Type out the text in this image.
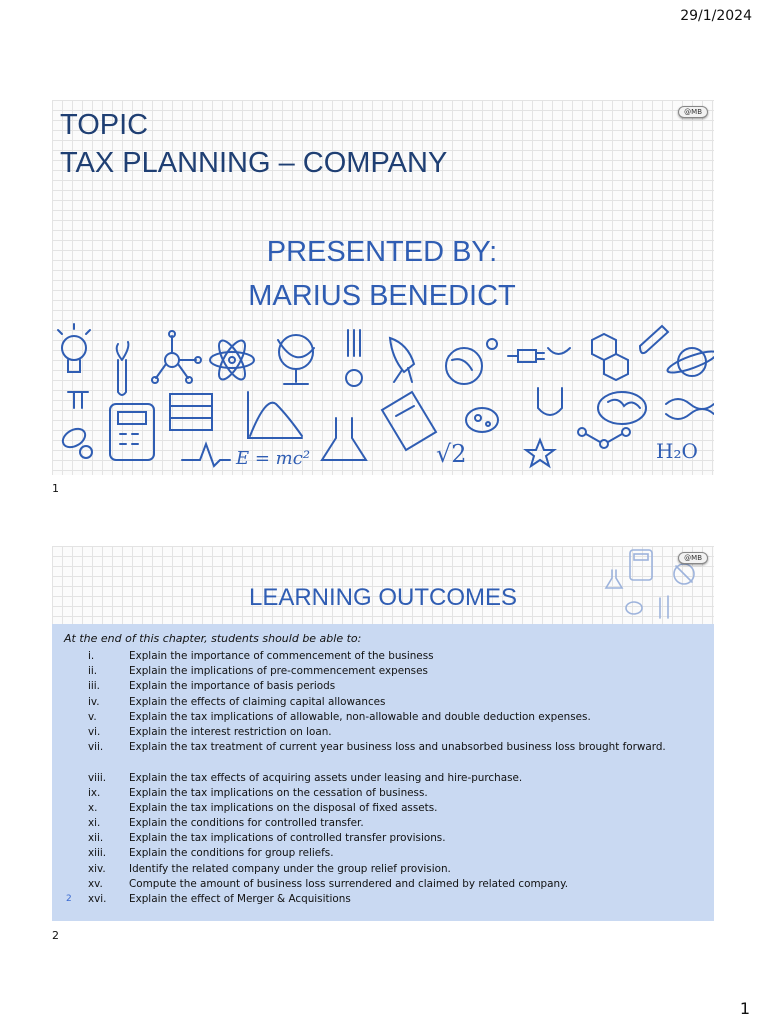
29/1/2024
@MB
TOPIC
TAX PLANNING – COMPANY
PRESENTED BY:
MARIUS BENEDICT
E = mc²	√2	H₂O
1
@MB
LEARNING OUTCOMES
At the end of this chapter, students should be able to:
i.	Explain the importance of commencement of the business
ii.	Explain the implications of pre-commencement expenses
iii.	Explain the importance of basis periods
iv.	Explain the effects of claiming capital allowances
v.	Explain the tax implications of allowable, non-allowable and double deduction expenses.
vi.	Explain the interest restriction on loan.
vii. Explain the tax treatment of current year business loss and unabsorbed business loss brought forward.
viii. Explain the tax effects of acquiring assets under leasing and hire-purchase.
ix.	Explain the tax implications on the cessation of business.
x.	Explain the tax implications on the disposal of fixed assets.
xi.	Explain the conditions for controlled transfer.
xii. Explain the tax implications of controlled transfer provisions.
xiii. Explain the conditions for group reliefs.
xiv. Identify the related company under the group relief provision.
xv.	Compute the amount of business loss surrendered and claimed by related company.
2 xvi. Explain the effect of Merger & Acquisitions
2
1
